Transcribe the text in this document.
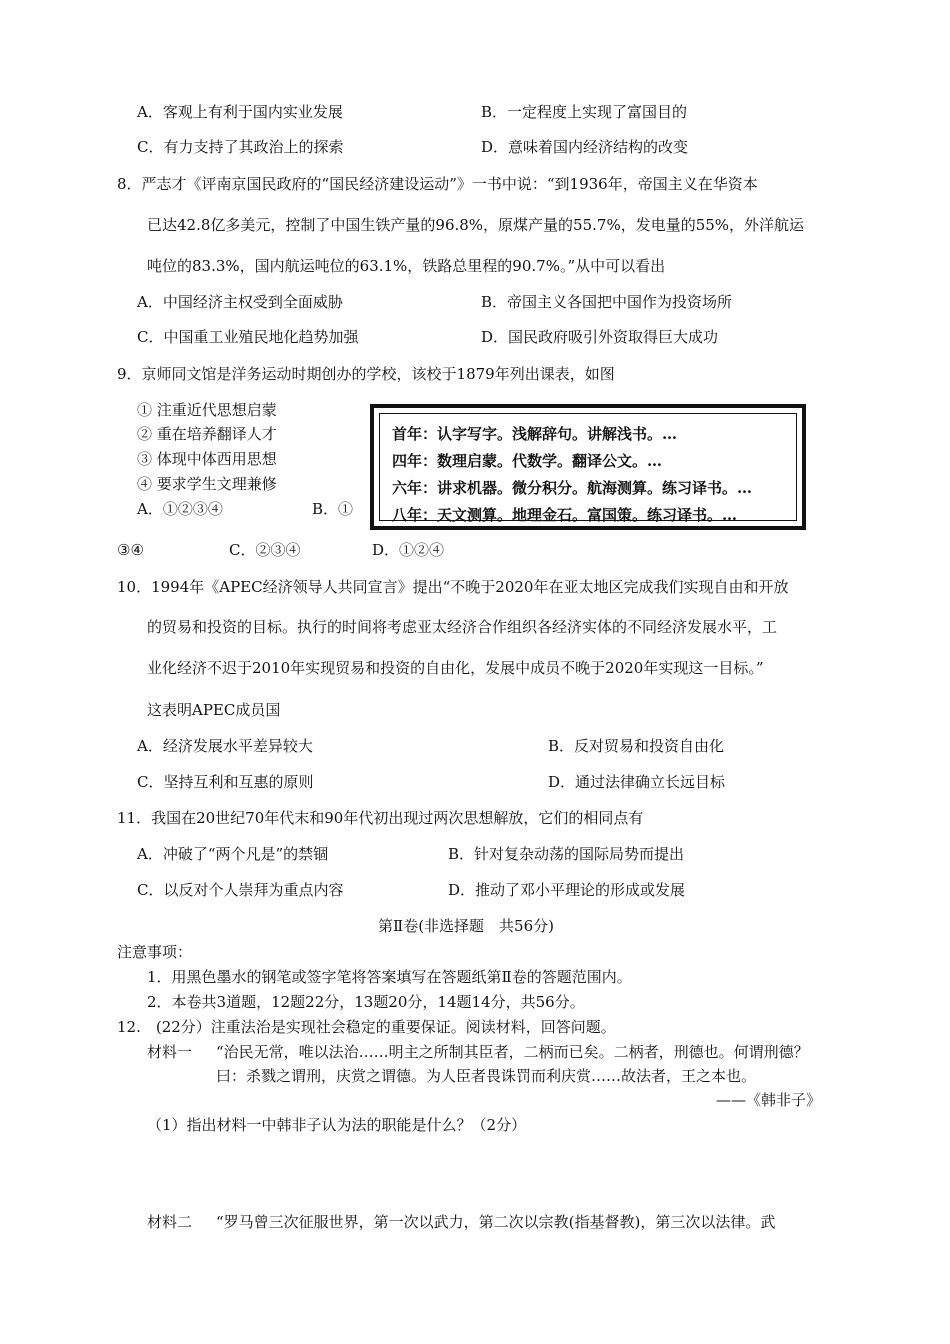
A．客观上有利于国内实业发展	B．一定程度上实现了富国目的
C．有力支持了其政治上的探索	D．意味着国内经济结构的改变
8．严志才《评南京国民政府的“国民经济建设运动”》一书中说：“到1936年，帝国主义在华资本
已达42.8亿多美元，控制了中国生铁产量的96.8%，原煤产量的55.7%，发电量的55%，外洋航运
吨位的83.3%，国内航运吨位的63.1%，铁路总里程的90.7%。”从中可以看出
A．中国经济主权受到全面威胁	B．帝国主义各国把中国作为投资场所
C．中国重工业殖民地化趋势加强	D．国民政府吸引外资取得巨大成功
9．京师同文馆是洋务运动时期创办的学校，该校于1879年列出课表，如图
① 注重近代思想启蒙
② 重在培养翻译人才
③ 体现中体西用思想
④ 要求学生文理兼修
A．①②③④	B．①
③④	C．②③④	D．①②④
首年：认字写字。浅解辞句。讲解浅书。…
四年：数理启蒙。代数学。翻译公文。…
六年：讲求机器。微分积分。航海测算。练习译书。…
八年：天文测算。地理金石。富国策。练习译书。…
10．1994年《APEC经济领导人共同宣言》提出“不晚于2020年在亚太地区完成我们实现自由和开放
的贸易和投资的目标。执行的时间将考虑亚太经济合作组织各经济实体的不同经济发展水平，工
业化经济不迟于2010年实现贸易和投资的自由化，发展中成员不晚于2020年实现这一目标。”
这表明APEC成员国
A．经济发展水平差异较大	B．反对贸易和投资自由化
C．坚持互利和互惠的原则	D．通过法律确立长远目标
11．我国在20世纪70年代末和90年代初出现过两次思想解放，它们的相同点有
A．冲破了“两个凡是”的禁锢	B．针对复杂动荡的国际局势而提出
C．以反对个人崇拜为重点内容	D．推动了邓小平理论的形成或发展
第Ⅱ卷(非选择题　共56分)
注意事项：
1．用黑色墨水的钢笔或签字笔将答案填写在答题纸第Ⅱ卷的答题范围内。
2．本卷共3道题，12题22分，13题20分，14题14分，共56分。
12.　(22分）注重法治是实现社会稳定的重要保证。阅读材料，回答问题。
材料一 “治民无常，唯以法治……明主之所制其臣者，二柄而已矣。二柄者，刑德也。何谓刑德？
曰：杀戮之谓刑，庆赏之谓德。为人臣者畏诛罚而利庆赏……故法者，王之本也。
——《韩非子》
（1）指出材料一中韩非子认为法的职能是什么？（2分）
材料二 “罗马曾三次征服世界，第一次以武力，第二次以宗教(指基督教)，第三次以法律。武
